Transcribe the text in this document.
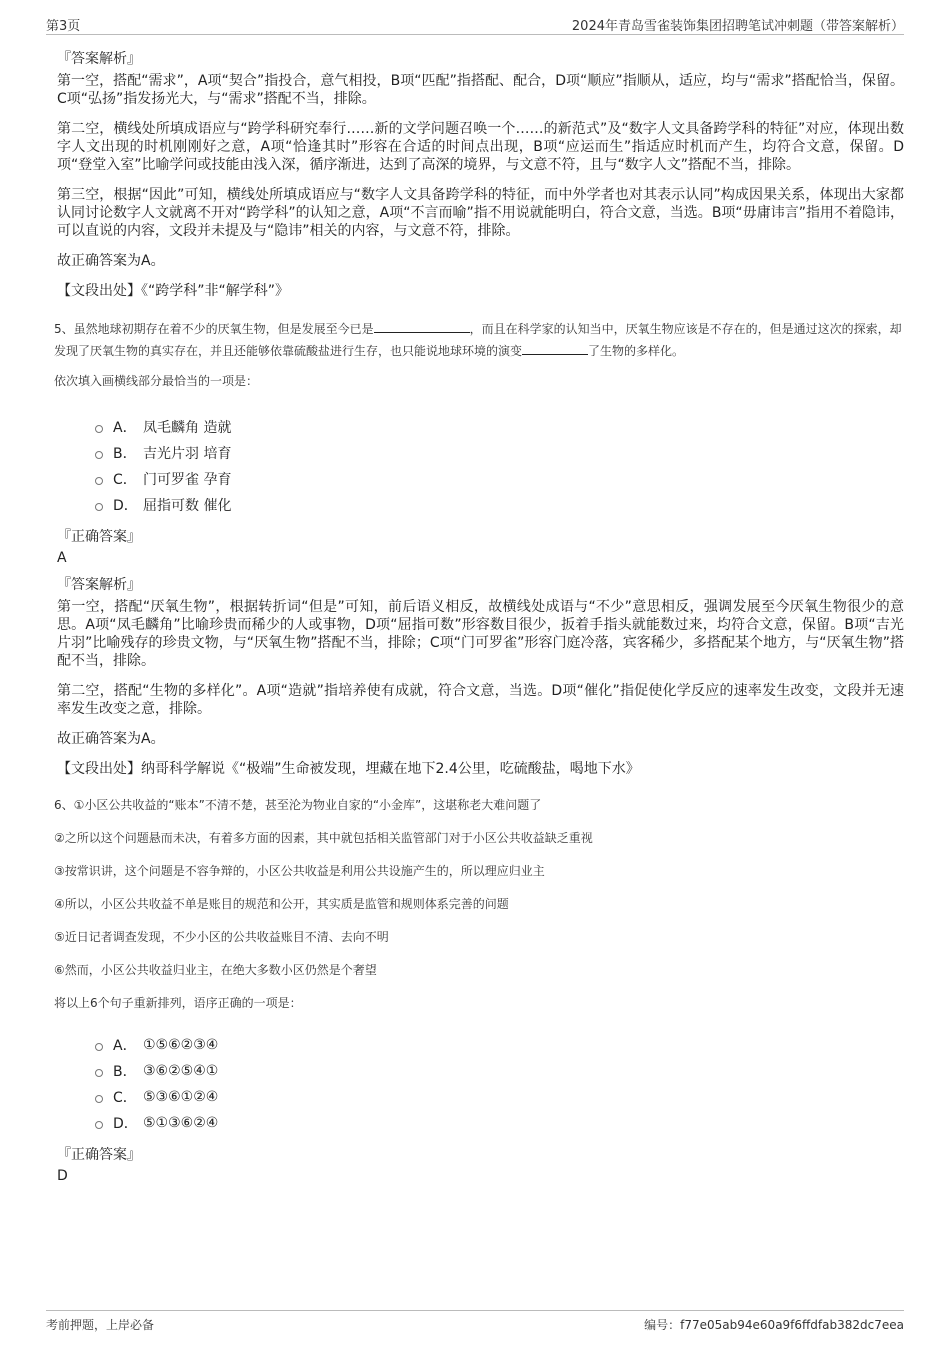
第3页	2024年青岛雪雀装饰集团招聘笔试冲刺题（带答案解析）
『答案解析』

第一空，搭配“需求”，A项“契合”指投合，意气相投，B项“匹配”指搭配、配合，D项“顺应”指顺从，适应，均与“需求”搭配恰当，保留。C项“弘扬”指发扬光大，与“需求”搭配不当，排除。

第二空，横线处所填成语应与“跨学科研究奉行……新的文学问题召唤一个……的新范式”及“数字人文具备跨学科的特征”对应，体现出数字人文出现的时机刚刚好之意，A项“恰逢其时”形容在合适的时间点出现，B项“应运而生”指适应时机而产生，均符合文意，保留。D项“登堂入室”比喻学问或技能由浅入深，循序渐进，达到了高深的境界，与文意不符，且与“数字人文”搭配不当，排除。

第三空，根据“因此”可知，横线处所填成语应与“数字人文具备跨学科的特征，而中外学者也对其表示认同”构成因果关系，体现出大家都认同讨论数字人文就离不开对“跨学科”的认知之意，A项“不言而喻”指不用说就能明白，符合文意，当选。B项“毋庸讳言”指用不着隐讳，可以直说的内容，文段并未提及与“隐讳”相关的内容，与文意不符，排除。

故正确答案为A。

【文段出处】《“跨学科”非“解学科”》

5、虽然地球初期存在着不少的厌氧生物，但是发展至今已是	，而且在科学家的认知当中，厌氧生物应该是不存在的，但是通过这次的探索，却发现了厌氧生物的真实存在，并且还能够依靠硫酸盐进行生存，也只能说地球环境的演变	了生物的多样化。

依次填入画横线部分最恰当的一项是：

A． 凤毛麟角 造就
B． 吉光片羽 培育
C． 门可罗雀 孕育
D． 屈指可数 催化
『正确答案』
A
『答案解析』

第一空，搭配“厌氧生物”，根据转折词“但是”可知，前后语义相反，故横线处成语与“不少”意思相反，强调发展至今厌氧生物很少的意思。A项“凤毛麟角”比喻珍贵而稀少的人或事物，D项“屈指可数”形容数目很少，扳着手指头就能数过来，均符合文意，保留。B项“吉光片羽”比喻残存的珍贵文物，与“厌氧生物”搭配不当，排除；C项“门可罗雀”形容门庭冷落，宾客稀少，多搭配某个地方，与“厌氧生物”搭配不当，排除。

第二空，搭配“生物的多样化”。A项“造就”指培养使有成就，符合文意，当选。D项“催化”指促使化学反应的速率发生改变，文段并无速率发生改变之意，排除。

故正确答案为A。

【文段出处】纳哥科学解说《“极端”生命被发现，埋藏在地下2.4公里，吃硫酸盐，喝地下水》

6、①小区公共收益的“账本”不清不楚，甚至沦为物业自家的“小金库”，这堪称老大难问题了

②之所以这个问题悬而未决，有着多方面的因素，其中就包括相关监管部门对于小区公共收益缺乏重视

③按常识讲，这个问题是不容争辩的，小区公共收益是利用公共设施产生的，所以理应归业主

④所以，小区公共收益不单是账目的规范和公开，其实质是监管和规则体系完善的问题

⑤近日记者调查发现，不少小区的公共收益账目不清、去向不明

⑥然而，小区公共收益归业主，在绝大多数小区仍然是个奢望

将以上6个句子重新排列，语序正确的一项是：

A． ①⑤⑥②③④
B． ③⑥②⑤④①
C． ⑤③⑥①②④
D． ⑤①③⑥②④
『正确答案』
D
考前押题，上岸必备	编号：f77e05ab94e60a9f6ffdfab382dc7eea
